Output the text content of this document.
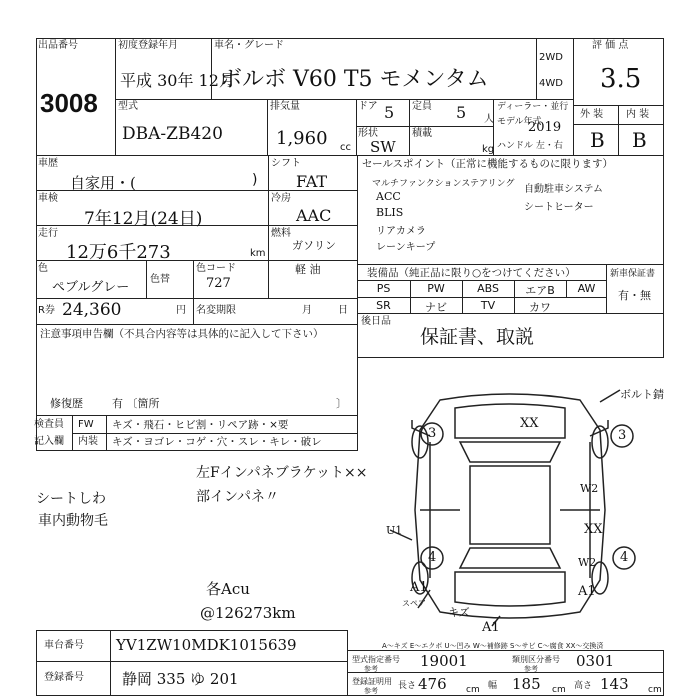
出品番号
3008
初度登録年月
平成 30年 12月
車名・グレード
ボルボ V60 T5 モメンタム
2WD
4WD
評 価 点
3.5
型式
DBA-ZB420
排気量
1,960 cc
ドア 5 定員 5 人
形状
SW
積載
kg
ディーラー・並行
モデル年式
2019
ハンドル 左・右
外 装 内 装
B B
車歴
自家用・(	)
シフト
FAT
車検
7年12月(24日)
冷房
AAC
走行
12万6千273	km
燃料
ガソリン
軽 油
色
ペブルグレー
色替
色コード
727
R券 24,360	円 名変期限	月	日
セールスポイント（正常に機能するものに限ります）
マルチファンクションステアリング
ACC
BLIS
リアカメラ
レーンキープ
自動駐車システム
シートヒーター
装備品（純正品に限り○をつけてください）
PS	PW	ABS	エアB	AW
SR	ナビ	TV	カワ
新車保証書
有・無
後日品
保証書、取説
注意事項申告欄（不具合内容等は具体的に記入して下さい）
修復歴	有 〔箇所	〕
検査員
記入欄
FW キズ・飛石・ヒビ割・リペア跡・×要
内装 キズ・ヨゴレ・コゲ・穴・スレ・キレ・破レ
左Fインパネブラケット××
部インパネ〃
シートしわ
車内動物毛
各Acu
@126273km
ボルト錆
XX
3	3
W2
W2
U1	XX
4	4
A1	A1
A1
キズ
スペア
車台番号 YV1ZW10MDK1015639
登録番号	静岡 335 ゆ 201
A～キズ E～エクボ U～凹み W～補修跡 S～サビ C～腐食 XX～交換済
型式指定番号
参考	19001	類別区分番号
参考	0301
登録証明用
参考 長さ 476 cm 幅 185 cm 高さ 143 cm
